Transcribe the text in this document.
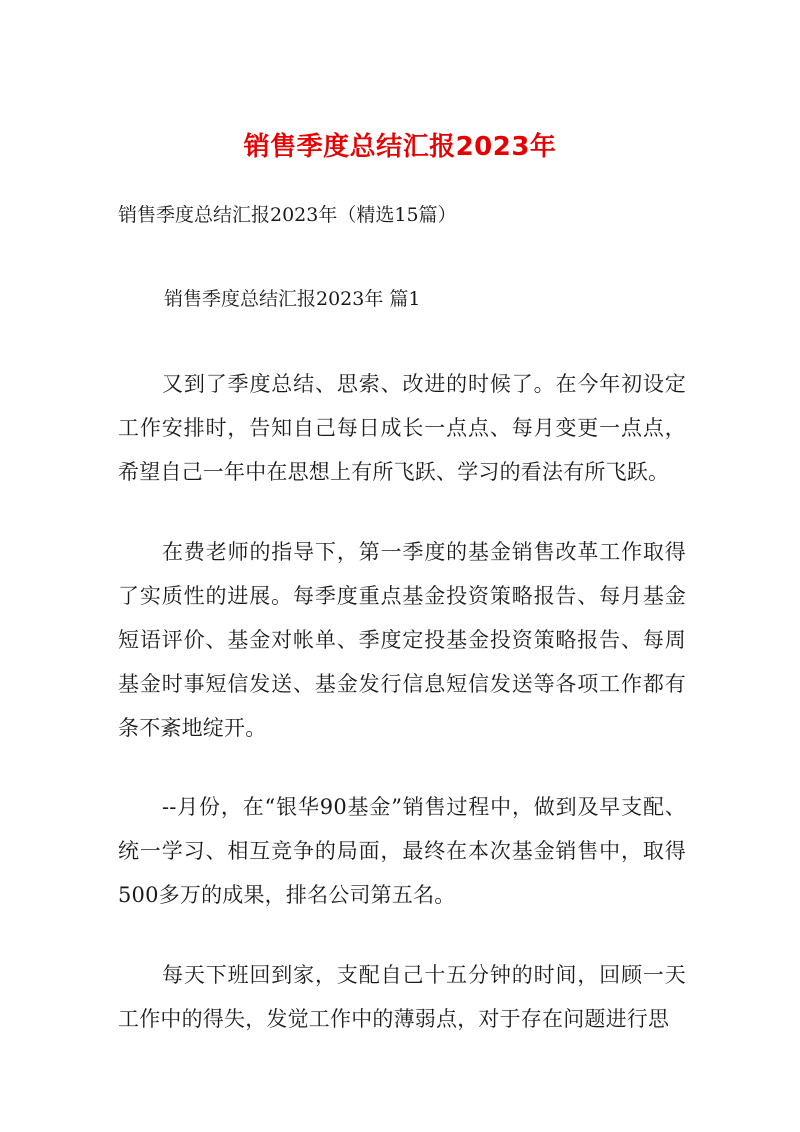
销售季度总结汇报2023年

销售季度总结汇报2023年（精选15篇）

销售季度总结汇报2023年 篇1

又到了季度总结、思索、改进的时候了。在今年初设定工作安排时，告知自己每日成长一点点、每月变更一点点，希望自己一年中在思想上有所飞跃、学习的看法有所飞跃。

在费老师的指导下，第一季度的基金销售改革工作取得了实质性的进展。每季度重点基金投资策略报告、每月基金短语评价、基金对帐单、季度定投基金投资策略报告、每周基金时事短信发送、基金发行信息短信发送等各项工作都有条不紊地绽开。

--月份，在“银华90基金”销售过程中，做到及早支配、统一学习、相互竞争的局面，最终在本次基金销售中，取得500多万的成果，排名公司第五名。

每天下班回到家，支配自己十五分钟的时间，回顾一天工作中的得失，发觉工作中的薄弱点，对于存在问题进行思
